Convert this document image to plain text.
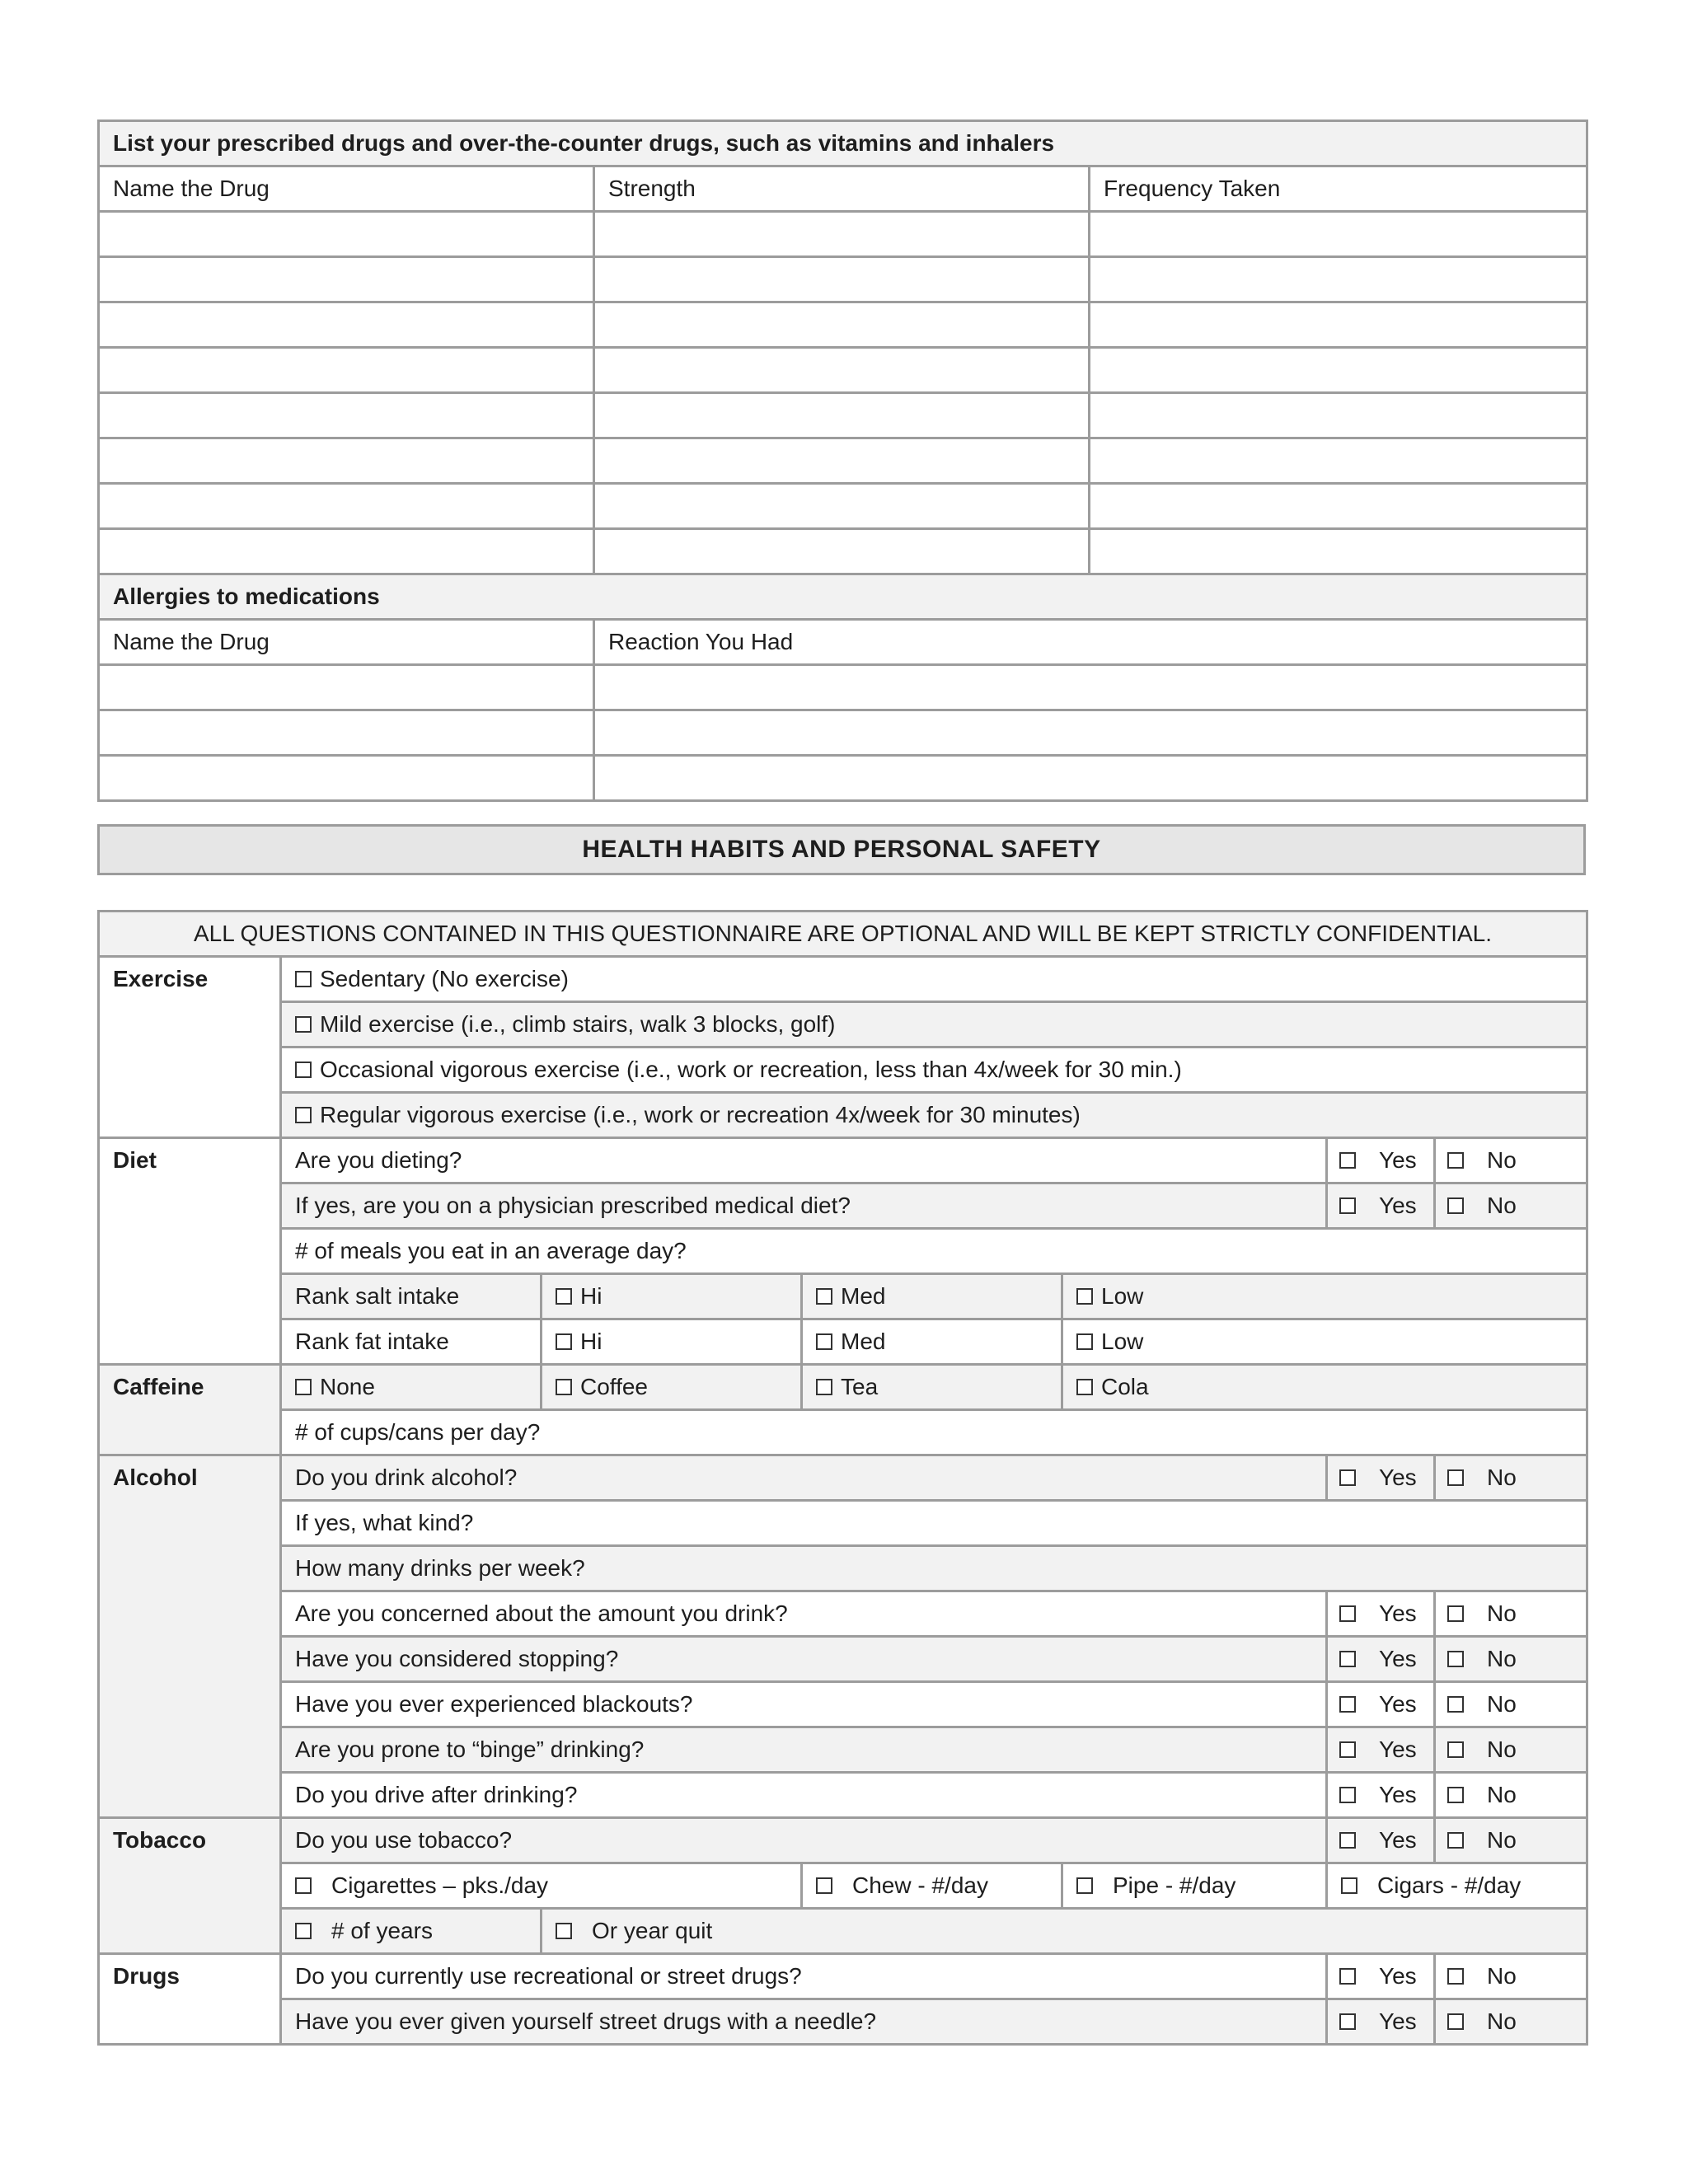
List your prescribed drugs and over-the-counter drugs, such as vitamins and inhalers		
Name the Drug	Strength	Frequency Taken

Allergies to medications		
Name the Drug	Reaction You Had	

HEALTH HABITS AND PERSONAL SAFETY
ALL QUESTIONS CONTAINED IN THIS QUESTIONNAIRE ARE OPTIONAL AND WILL BE KEPT STRICTLY CONFIDENTIAL.						
Exercise	Sedentary (No exercise)					
	Mild exercise (i.e., climb stairs, walk 3 blocks, golf)					
	Occasional vigorous exercise (i.e., work or recreation, less than 4x/week for 30 min.)					
	Regular vigorous exercise (i.e., work or recreation 4x/week for 30 minutes)					
Diet	Are you dieting?				Yes	No
	If yes, are you on a physician prescribed medical diet?				Yes	No
	# of meals you eat in an average day?					
	Rank salt intake	Hi	Med	Low		
	Rank fat intake	Hi	Med	Low		
Caffeine	None	Coffee	Tea	Cola		
	# of cups/cans per day?					
Alcohol	Do you drink alcohol?				Yes	No
	If yes, what kind?					
	How many drinks per week?					
	Are you concerned about the amount you drink?				Yes	No
	Have you considered stopping?				Yes	No
	Have you ever experienced blackouts?				Yes	No
	Are you prone to “binge” drinking?				Yes	No
	Do you drive after drinking?				Yes	No
Tobacco	Do you use tobacco?				Yes	No
	Cigarettes – pks./day		Chew - #/day	Pipe - #/day	Cigars - #/day	
	# of years	Or year quit				
Drugs	Do you currently use recreational or street drugs?				Yes	No
	Have you ever given yourself street drugs with a needle?				Yes	No
